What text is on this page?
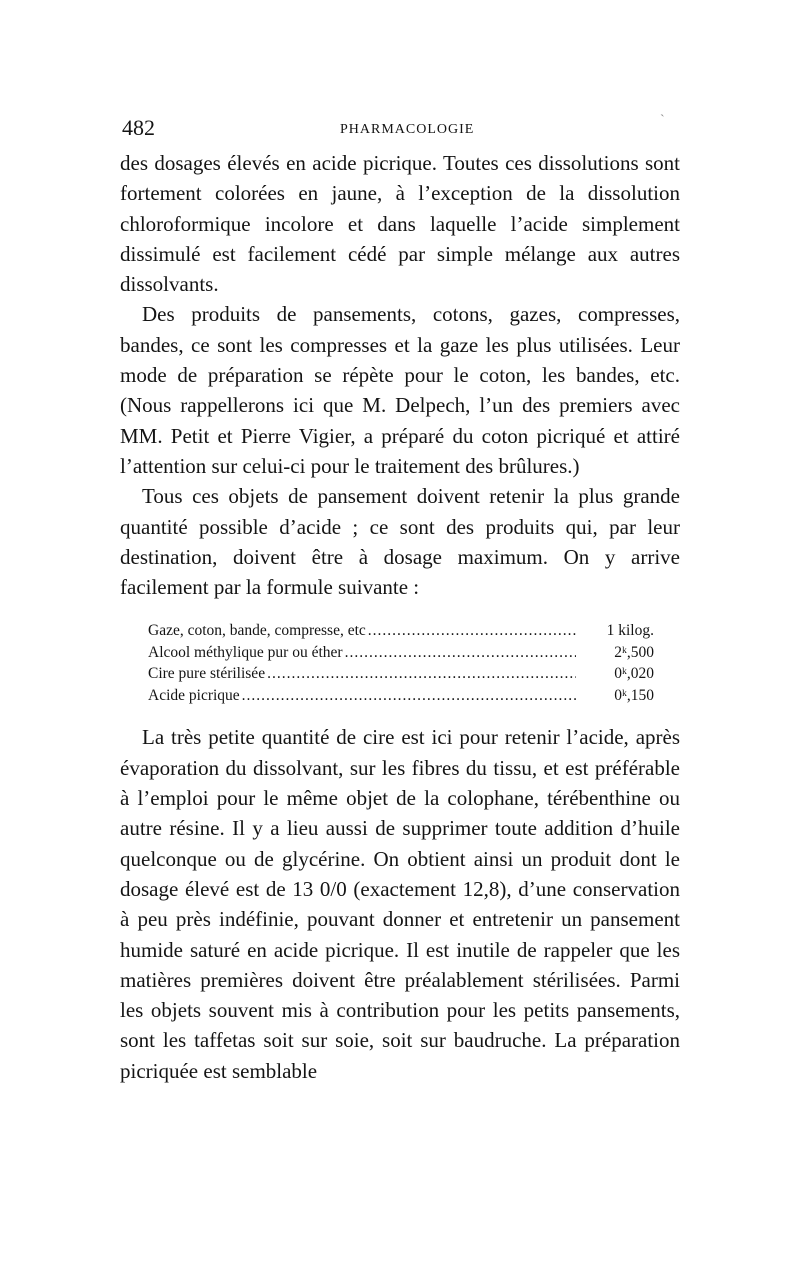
482	PHARMACOLOGIE
`

des dosages élevés en acide picrique. Toutes ces dissolutions sont fortement colorées en jaune, à l’exception de la dissolution chloroformique incolore et dans laquelle l’acide simplement dissimulé est facilement cédé par simple mélange aux autres dissolvants.

Des produits de pansements, cotons, gazes, compresses, bandes, ce sont les compresses et la gaze les plus utilisées. Leur mode de préparation se répète pour le coton, les bandes, etc. (Nous rappellerons ici que M. Delpech, l’un des premiers avec MM. Petit et Pierre Vigier, a préparé du coton picriqué et attiré l’attention sur celui-ci pour le traitement des brûlures.)

Tous ces objets de pansement doivent retenir la plus grande quantité possible d’acide ; ce sont des produits qui, par leur destination, doivent être à dosage maximum. On y arrive facilement par la formule suivante :

Gaze, coton, bande, compresse, etc .....	1 kilog.
Alcool méthylique pur ou éther .....	2ᵏ,500
Cire pure stérilisée .....	0ᵏ,020
Acide picrique .....	0ᵏ,150

La très petite quantité de cire est ici pour retenir l’acide, après évaporation du dissolvant, sur les fibres du tissu, et est préférable à l’emploi pour le même objet de la colophane, térébenthine ou autre résine. Il y a lieu aussi de supprimer toute addition d’huile quelconque ou de glycérine. On obtient ainsi un produit dont le dosage élevé est de 13 0/0 (exactement 12,8), d’une conservation à peu près indéfinie, pouvant donner et entretenir un pansement humide saturé en acide picrique. Il est inutile de rappeler que les matières premières doivent être préalablement stérilisées. Parmi les objets souvent mis à contribution pour les petits pansements, sont les taffetas soit sur soie, soit sur baudruche. La préparation picriquée est semblable
